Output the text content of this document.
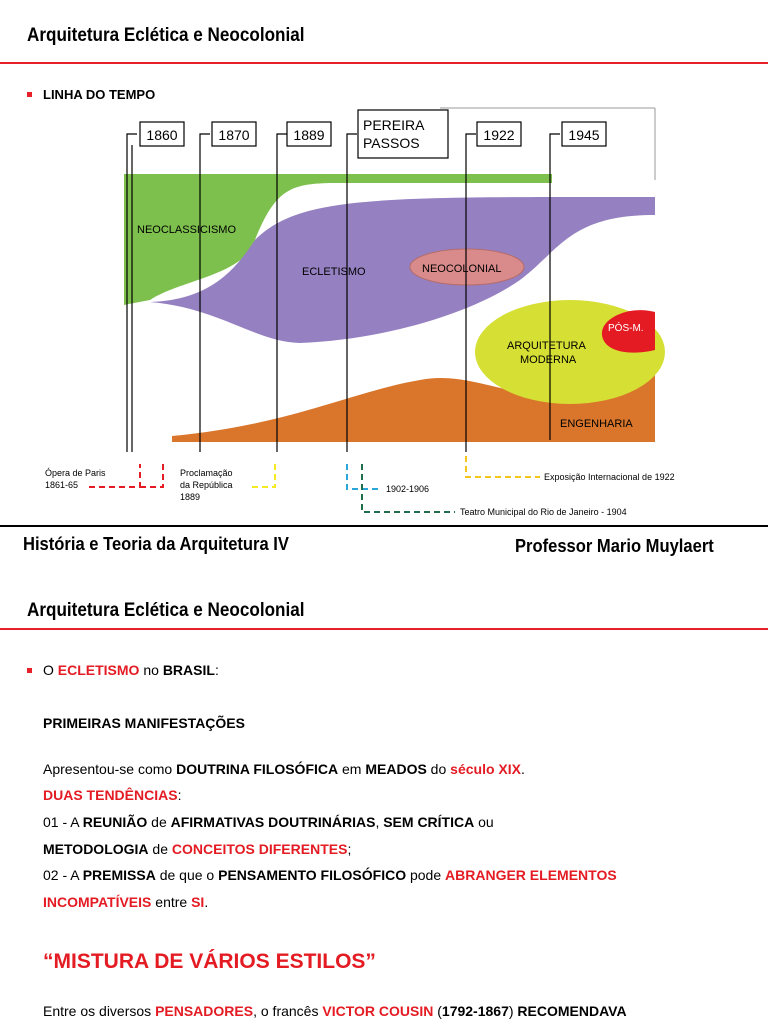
Arquitetura Eclética e Neocolonial
LINHA DO TEMPO
1860	1870	1889	1922	1945
PEREIRA
PASSOS
NEOCLASSICISMO
ECLETISMO	NEOCOLONIAL
ARQUITETURA
MODERNA
ENGENHARIA
PÓS-M.
Ópera de Paris
1861-65
Proclamação
da República
1889
1902-1906
Teatro Municipal do Rio de Janeiro - 1904
Exposição Internacional de 1922
História e Teoria da Arquitetura IV	Professor Mario Muylaert
Arquitetura Eclética e Neocolonial
O ECLETISMO no BRASIL:
PRIMEIRAS MANIFESTAÇÕES
Apresentou-se como DOUTRINA FILOSÓFICA em MEADOS do século XIX.
DUAS TENDÊNCIAS:
01 - A REUNIÃO de AFIRMATIVAS DOUTRINÁRIAS, SEM CRÍTICA ou
METODOLOGIA de CONCEITOS DIFERENTES;
02 - A PREMISSA de que o PENSAMENTO FILOSÓFICO pode ABRANGER ELEMENTOS
INCOMPATÍVEIS entre SI.
“MISTURA DE VÁRIOS ESTILOS”
Entre os diversos PENSADORES, o francês VICTOR COUSIN (1792-1867) RECOMENDAVA
